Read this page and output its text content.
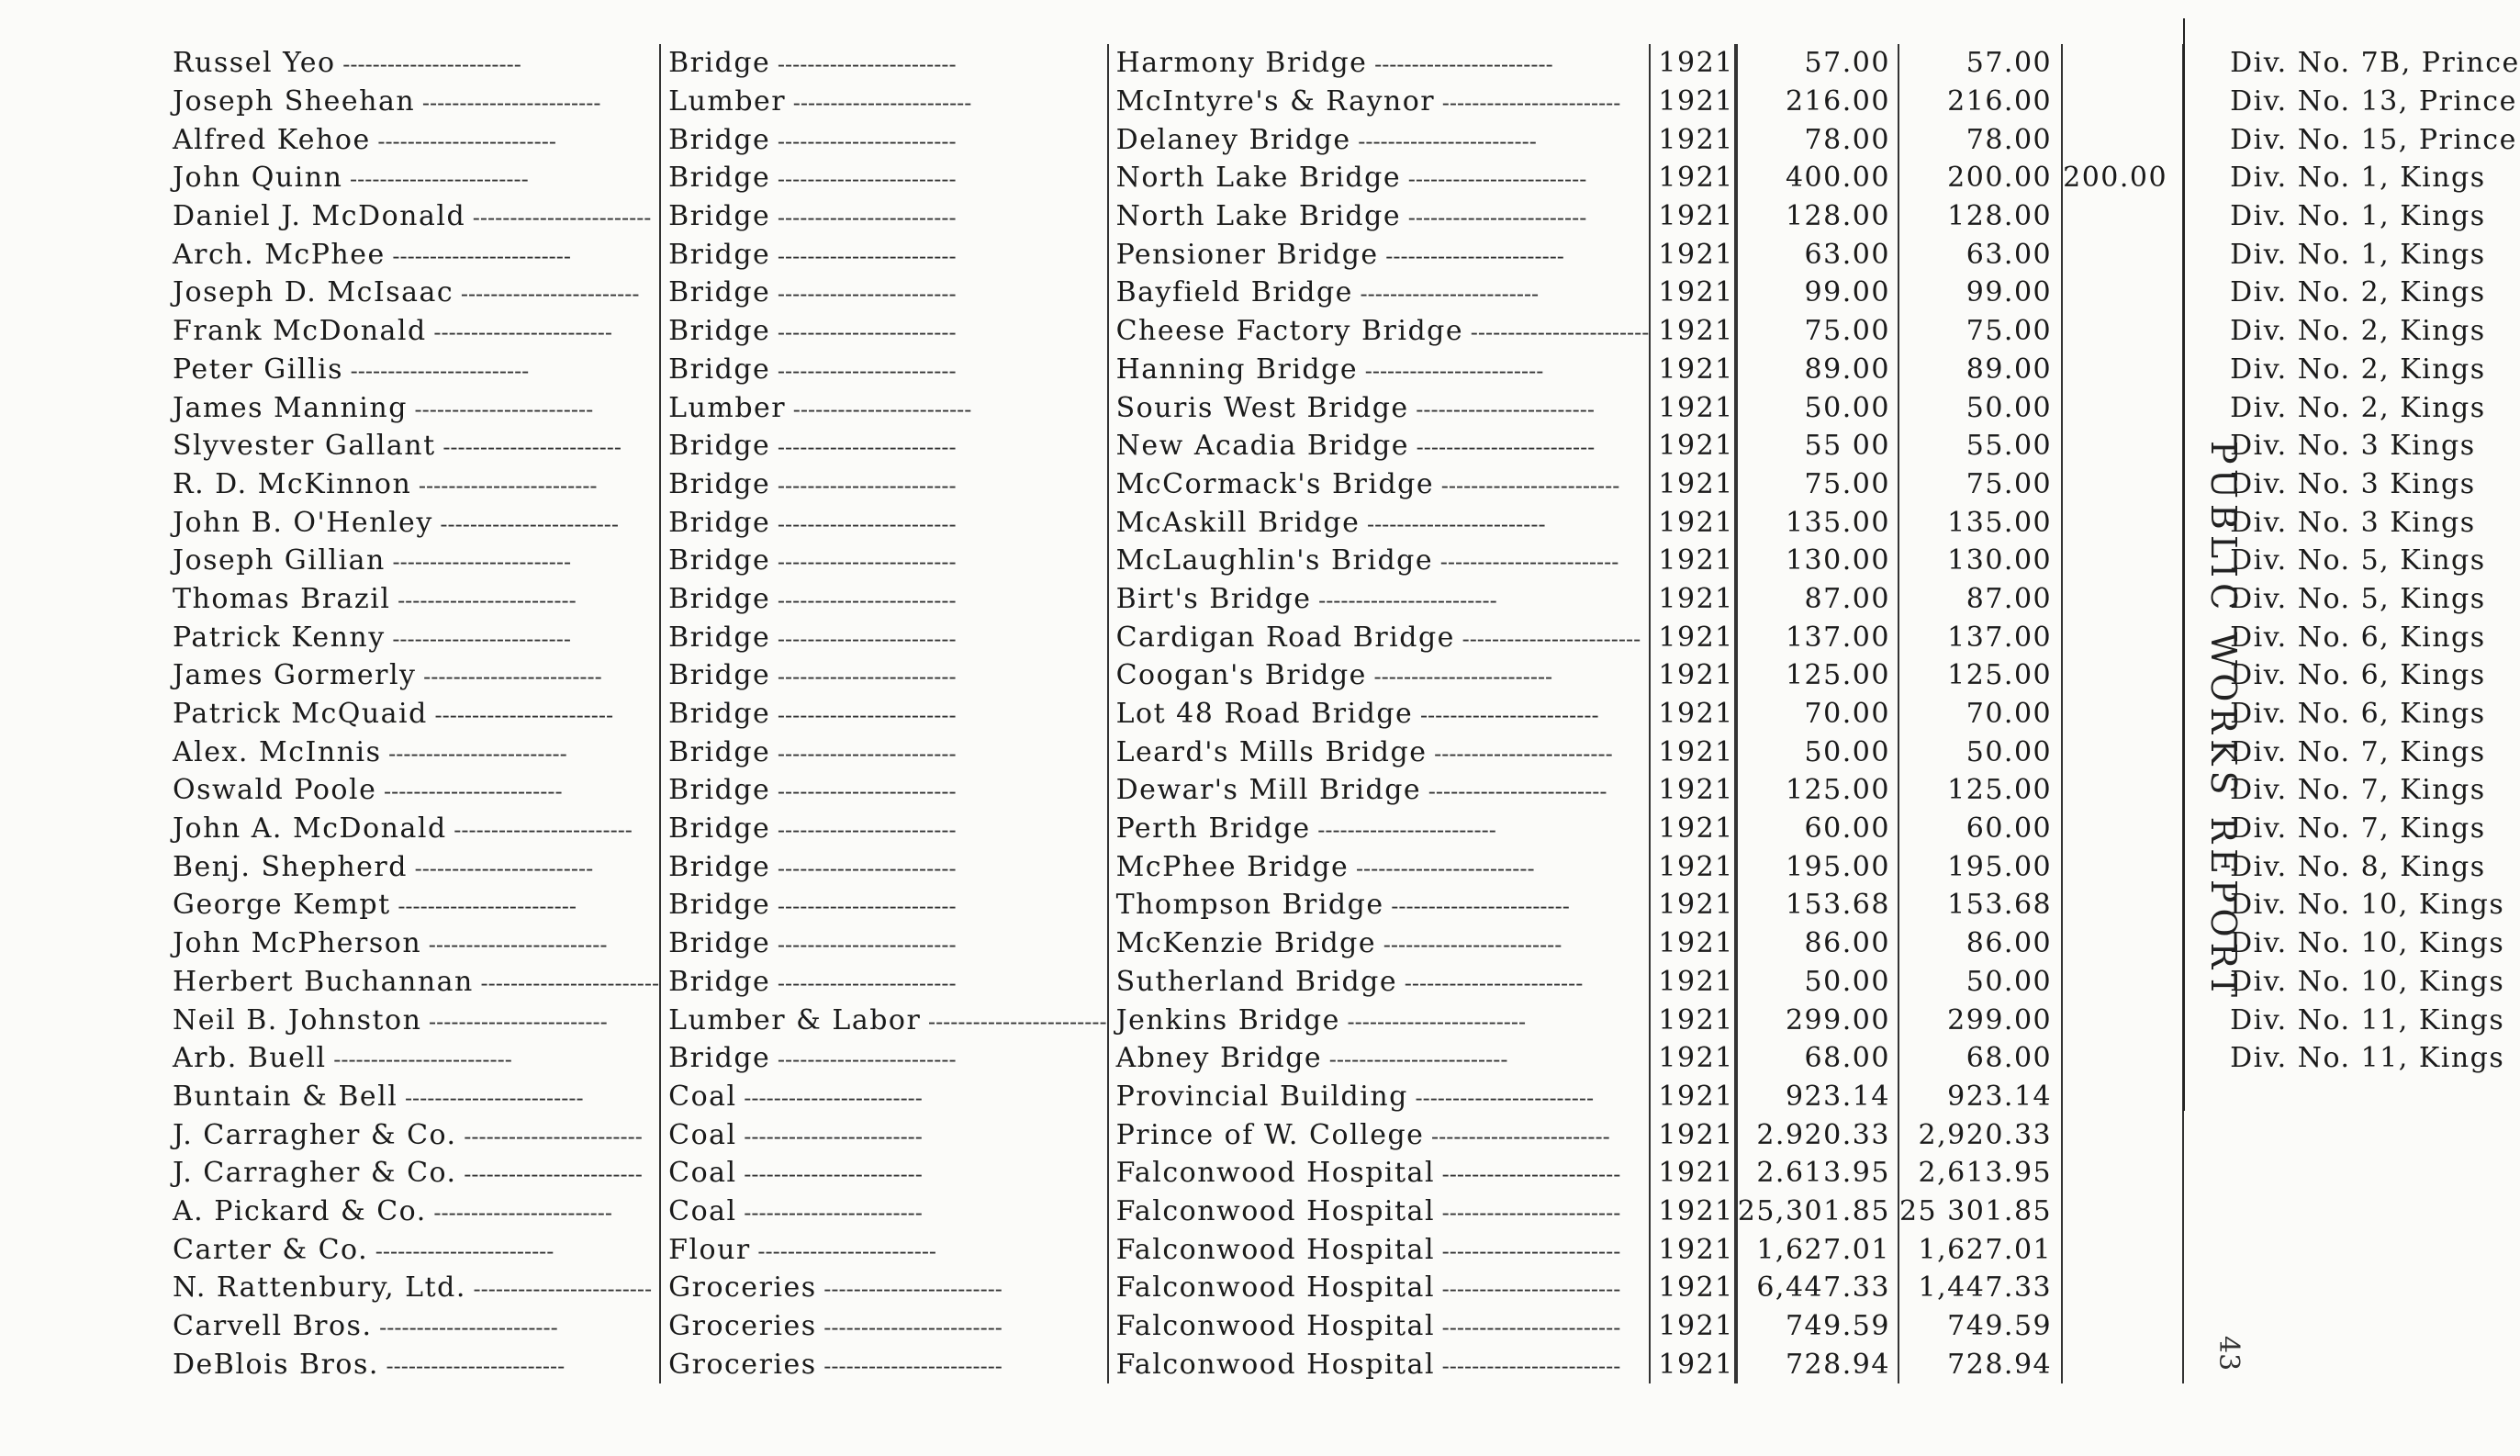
Russel Yeo -----	Bridge -----	Harmony Bridge -----	1921		57.00	57.00		Div. No. 7B, Prince
Joseph Sheehan -----	Lumber -----	McIntyre's & Raynor -----	1921		216.00	216.00		Div. No. 13, Prince
Alfred Kehoe -----	Bridge -----	Delaney Bridge -----	1921		78.00	78.00		Div. No. 15, Prince
John Quinn -----	Bridge -----	North Lake Bridge -----	1921		400.00	200.00	200.00	Div. No. 1, Kings
Daniel J. McDonald -----	Bridge -----	North Lake Bridge -----	1921		128.00	128.00		Div. No. 1, Kings
Arch. McPhee -----	Bridge -----	Pensioner Bridge -----	1921		63.00	63.00		Div. No. 1, Kings
Joseph D. McIsaac -----	Bridge -----	Bayfield Bridge -----	1921		99.00	99.00		Div. No. 2, Kings
Frank McDonald -----	Bridge -----	Cheese Factory Bridge -----	1921		75.00	75.00		Div. No. 2, Kings
Peter Gillis -----	Bridge -----	Hanning Bridge -----	1921		89.00	89.00		Div. No. 2, Kings
James Manning -----	Lumber -----	Souris West Bridge -----	1921		50.00	50.00		Div. No. 2, Kings
Slyvester Gallant -----	Bridge -----	New Acadia Bridge -----	1921		55 00	55.00		Div. No. 3 Kings
R. D. McKinnon -----	Bridge -----	McCormack's Bridge -----	1921		75.00	75.00		Div. No. 3 Kings
John B. O'Henley -----	Bridge -----	McAskill Bridge -----	1921		135.00	135.00		Div. No. 3 Kings
Joseph Gillian -----	Bridge -----	McLaughlin's Bridge -----	1921		130.00	130.00		Div. No. 5, Kings
Thomas Brazil -----	Bridge -----	Birt's Bridge -----	1921		87.00	87.00		Div. No. 5, Kings
Patrick Kenny -----	Bridge -----	Cardigan Road Bridge -----	1921		137.00	137.00		Div. No. 6, Kings
James Gormerly -----	Bridge -----	Coogan's Bridge -----	1921		125.00	125.00		Div. No. 6, Kings
Patrick McQuaid -----	Bridge -----	Lot 48 Road Bridge -----	1921		70.00	70.00		Div. No. 6, Kings
Alex. McInnis -----	Bridge -----	Leard's Mills Bridge -----	1921		50.00	50.00		Div. No. 7, Kings
Oswald Poole -----	Bridge -----	Dewar's Mill Bridge -----	1921		125.00	125.00		Div. No. 7, Kings
John A. McDonald -----	Bridge -----	Perth Bridge -----	1921		60.00	60.00		Div. No. 7, Kings
Benj. Shepherd -----	Bridge -----	McPhee Bridge -----	1921		195.00	195.00		Div. No. 8, Kings
George Kempt -----	Bridge -----	Thompson Bridge -----	1921		153.68	153.68		Div. No. 10, Kings
John McPherson -----	Bridge -----	McKenzie Bridge -----	1921		86.00	86.00		Div. No. 10, Kings
Herbert Buchannan -----	Bridge -----	Sutherland Bridge -----	1921		50.00	50.00		Div. No. 10, Kings
Neil B. Johnston -----	Lumber & Labor -----	Jenkins Bridge -----	1921		299.00	299.00		Div. No. 11, Kings
Arb. Buell -----	Bridge -----	Abney Bridge -----	1921		68.00	68.00		Div. No. 11, Kings
Buntain & Bell -----	Coal -----	Provincial Building -----	1921		923.14	923.14		
J. Carragher & Co. -----	Coal -----	Prince of W. College -----	1921		2.920.33	2,920.33		
J. Carragher & Co. -----	Coal -----	Falconwood Hospital -----	1921		2.613.95	2,613.95		
A. Pickard & Co. -----	Coal -----	Falconwood Hospital -----	1921		25,301.85	25 301.85		
Carter & Co. -----	Flour -----	Falconwood Hospital -----	1921		1,627.01	1,627.01		
N. Rattenbury, Ltd. -----	Groceries -----	Falconwood Hospital -----	1921		6,447.33	1,447.33		
Carvell Bros. -----	Groceries -----	Falconwood Hospital -----	1921		749.59	749.59		
DeBlois Bros. -----	Groceries -----	Falconwood Hospital -----	1921		728.94	728.94		
PUBLIC WORKS REPORT
43
